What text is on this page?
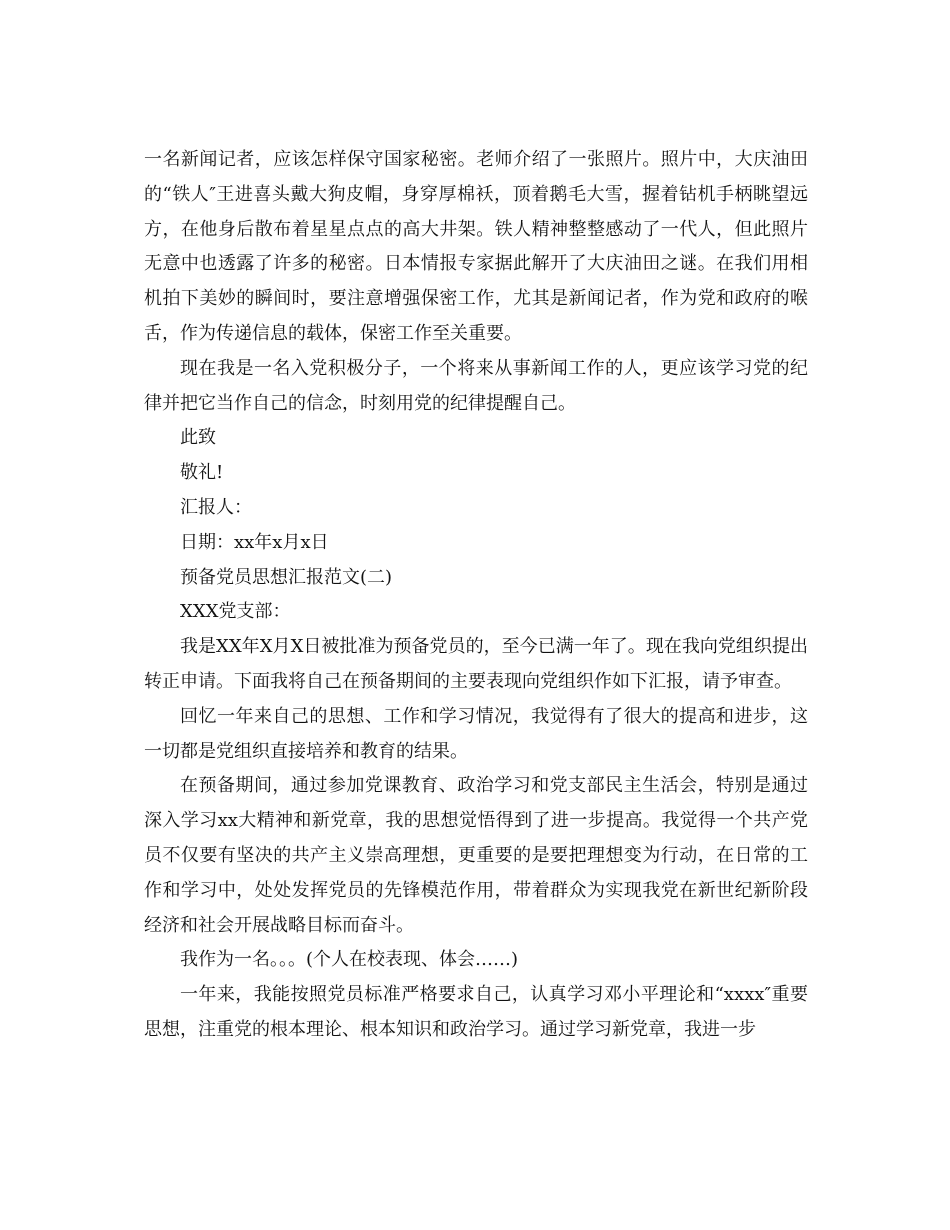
一名新闻记者，应该怎样保守国家秘密。老师介绍了一张照片。照片中，大庆油田的“铁人″王进喜头戴大狗皮帽，身穿厚棉袄，顶着鹅毛大雪，握着钻机手柄眺望远方，在他身后散布着星星点点的高大井架。铁人精神整整感动了一代人，但此照片无意中也透露了许多的秘密。日本情报专家据此解开了大庆油田之谜。在我们用相机拍下美妙的瞬间时，要注意增强保密工作，尤其是新闻记者，作为党和政府的喉舌，作为传递信息的载体，保密工作至关重要。

现在我是一名入党积极分子，一个将来从事新闻工作的人，更应该学习党的纪律并把它当作自己的信念，时刻用党的纪律提醒自己。

此致

敬礼!

汇报人：

日期：xx年x月x日

预备党员思想汇报范文(二)

XXX党支部：

我是XX年X月X日被批准为预备党员的，至今已满一年了。现在我向党组织提出转正申请。下面我将自己在预备期间的主要表现向党组织作如下汇报，请予审查。

回忆一年来自己的思想、工作和学习情况，我觉得有了很大的提高和进步，这一切都是党组织直接培养和教育的结果。

在预备期间，通过参加党课教育、政治学习和党支部民主生活会，特别是通过深入学习xx大精神和新党章，我的思想觉悟得到了进一步提高。我觉得一个共产党员不仅要有坚决的共产主义崇高理想，更重要的是要把理想变为行动，在日常的工作和学习中，处处发挥党员的先锋模范作用，带着群众为实现我党在新世纪新阶段经济和社会开展战略目标而奋斗。

我作为一名。。。(个人在校表现、体会……)

一年来，我能按照党员标准严格要求自己，认真学习邓小平理论和“xxxx″重要思想，注重党的根本理论、根本知识和政治学习。通过学习新党章，我进一步
